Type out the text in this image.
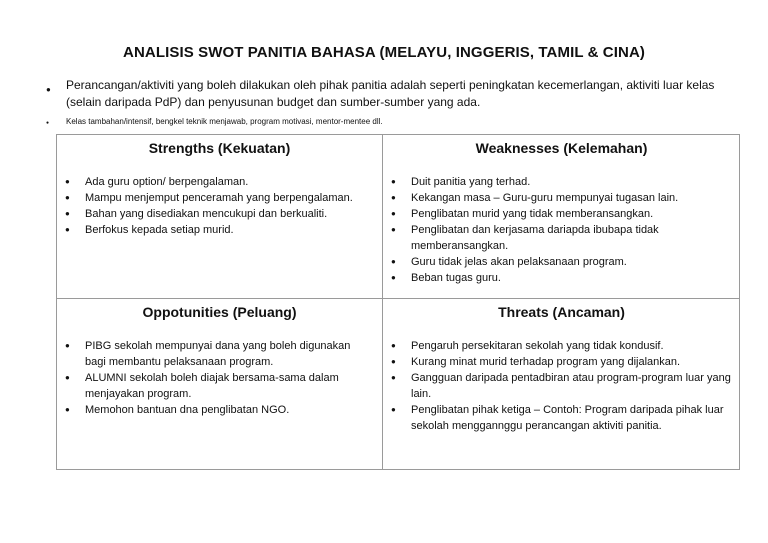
ANALISIS SWOT PANITIA BAHASA (MELAYU, INGGERIS, TAMIL & CINA)
● Perancangan/aktiviti yang boleh dilakukan oleh pihak panitia adalah seperti peningkatan kecemerlangan, aktiviti luar kelas (selain daripada PdP) dan penyusunan budget dan sumber-sumber yang ada.
● Kelas tambahan/intensif, bengkel teknik menjawab, program motivasi, mentor-mentee dll.
Strengths (Kekuatan)
● Ada guru option/ berpengalaman.
● Mampu menjemput penceramah yang berpengalaman.
● Bahan yang disediakan mencukupi dan berkualiti.
● Berfokus kepada setiap murid.
Weaknesses (Kelemahan)
● Duit panitia yang terhad.
● Kekangan masa – Guru-guru mempunyai tugasan lain.
● Penglibatan murid yang tidak memberansangkan.
● Penglibatan dan kerjasama dariapda ibubapa tidak memberansangkan.
● Guru tidak jelas akan pelaksanaan program.
● Beban tugas guru.
Oppotunities (Peluang)
● PIBG sekolah mempunyai dana yang boleh digunakan bagi membantu pelaksanaan program.
● ALUMNI sekolah boleh diajak bersama-sama dalam menjayakan program.
● Memohon bantuan dna penglibatan NGO.
Threats (Ancaman)
● Pengaruh persekitaran sekolah yang tidak kondusif.
● Kurang minat murid terhadap program yang dijalankan.
● Gangguan daripada pentadbiran atau program-program luar yang lain.
● Penglibatan pihak ketiga – Contoh: Program daripada pihak luar sekolah menggannggu perancangan aktiviti panitia.
